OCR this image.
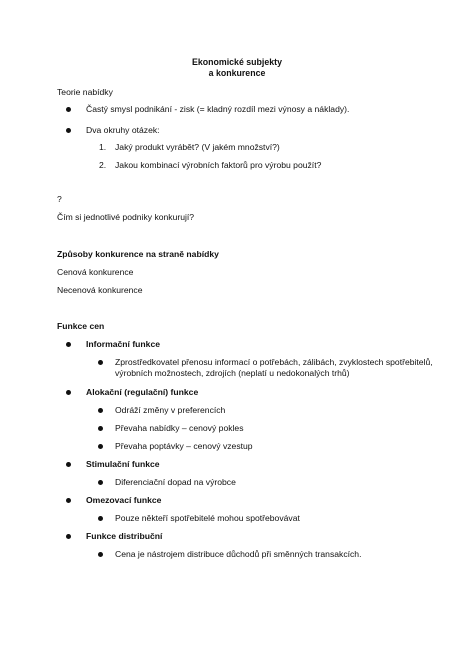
Ekonomické subjekty
a konkurence
Teorie nabídky
Častý smysl podnikání - zisk (= kladný rozdíl mezi výnosy a náklady).
Dva okruhy otázek:
1. Jaký produkt vyrábět? (V jakém množství?)
2. Jakou kombinací výrobních faktorů pro výrobu použít?
?
Čím si jednotlivé podniky konkurují?
Způsoby konkurence na straně nabídky
Cenová konkurence
Necenová konkurence
Funkce cen
Informační funkce
Zprostředkovatel přenosu informací o potřebách, zálibách, zvyklostech spotřebitelů,
výrobních možnostech, zdrojích (neplatí u nedokonalých trhů)
Alokační (regulační) funkce
Odráží změny v preferencích
Převaha nabídky – cenový pokles
Převaha poptávky – cenový vzestup
Stimulační funkce
Diferenciační dopad na výrobce
Omezovací funkce
Pouze někteří spotřebitelé mohou spotřebovávat
Funkce distribuční
Cena je nástrojem distribuce důchodů při směnných transakcích.
